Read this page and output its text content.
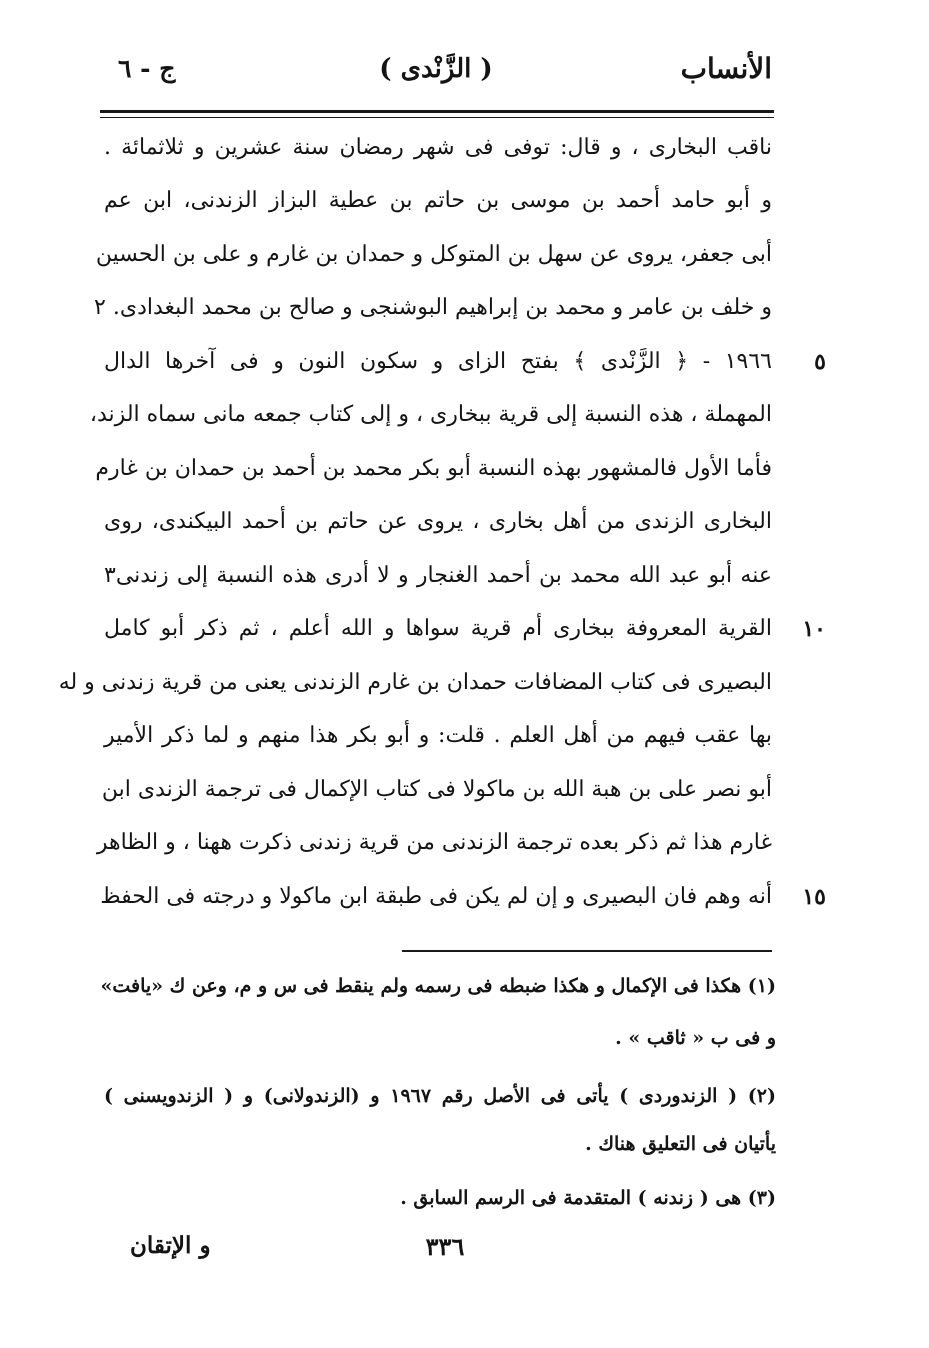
الأنساب
( الزَّنْدى )
ج - ٦
ناقب البخارى ، و قال: توفى فى شهر رمضان سنة عشرين و ثلاثمائة .
و أبو حامد أحمد بن موسى بن حاتم بن عطية البزاز الزندنى، ابن عم
أبى جعفر، يروى عن سهل بن المتوكل و حمدان بن غارم و على بن الحسين
و خلف بن عامر و محمد بن إبراهيم البوشنجى و صالح بن محمد البغدادى. ٢
١٩٦٦ - ﴿ الزَّنْدى ﴾ بفتح الزاى و سكون النون و فى آخرها الدال
المهملة ، هذه النسبة إلى قرية ببخارى ، و إلى كتاب جمعه مانى سماه الزند،
فأما الأول فالمشهور بهذه النسبة أبو بكر محمد بن أحمد بن حمدان بن غارم
البخارى الزندى من أهل بخارى ، يروى عن حاتم بن أحمد البيكندى، روى
عنه أبو عبد الله محمد بن أحمد الغنجار و لا أدرى هذه النسبة إلى زندنى٣
القرية المعروفة ببخارى أم قرية سواها و الله أعلم ، ثم ذكر أبو كامل
البصيرى فى كتاب المضافات حمدان بن غارم الزندنى يعنى من قرية زندنى و له
بها عقب فيهم من أهل العلم . قلت: و أبو بكر هذا منهم و لما ذكر الأمير
أبو نصر على بن هبة الله بن ماكولا فى كتاب الإكمال فى ترجمة الزندى ابن
غارم هذا ثم ذكر بعده ترجمة الزندنى من قرية زندنى ذكرت ههنا ، و الظاهر
أنه وهم فان البصيرى و إن لم يكن فى طبقة ابن ماكولا و درجته فى الحفظ
٥
١٠
١٥
(١) هكذا فى الإكمال و هكذا ضبطه فى رسمه ولم ينقط فى س و م، وعن ك «يافت»
و فى ب « ثاقب » .
(٢) ( الزندوردى ) يأتى فى الأصل رقم ١٩٦٧ و (الزندولانى) و ( الزندويسنى )
يأتيان فى التعليق هناك .
(٣) هى ( زندنه ) المتقدمة فى الرسم السابق .
٣٣٦
و الإتقان
